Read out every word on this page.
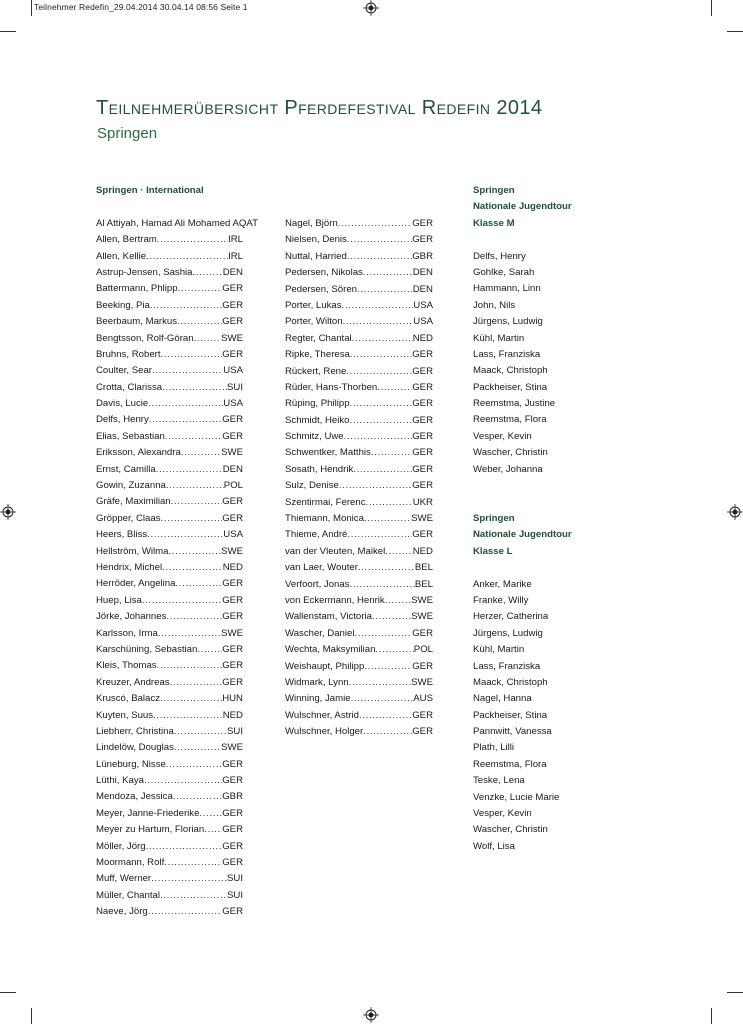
Teilnehmer Redefin_29.04.2014 30.04.14 08:56 Seite 1
Teilnehmerübersicht Pferdefestival Redefin 2014
Springen
Springen · International
Al Attiyah, Hamad Ali Mohamed A QAT
Allen, Bertram . . .	IRL
Allen, Kellie . . .	IRL
Astrup-Jensen, Sashia . . .	DEN
Battermann, Phlipp . . .	GER
Beeking, Pia . . .	GER
Beerbaum, Markus . . .	GER
Bengtsson, Rolf-Göran . . .	SWE
Bruhns, Robert . . .	GER
Coulter, Sear . . .	USA
Crotta, Clarissa . . .	SUI
Davis, Lucie . . .	USA
Delfs, Henry . . .	GER
Elias, Sebastian . . .	GER
Eriksson, Alexandra . . .	SWE
Ernst, Camilla . . .	DEN
Gowin, Zuzanna . . .	POL
Gräfe, Maximilian . . .	GER
Gröpper, Claas . . .	GER
Heers, Bliss . . .	USA
Hellström, Wilma . . .	SWE
Hendrix, Michel . . .	NED
Herröder, Angelina . . .	GER
Huep, Lisa . . .	GER
Jörke, Johannes . . .	GER
Karlsson, Irma . . .	SWE
Karschüning, Sebastian . . .	GER
Kleis, Thomas . . .	GER
Kreuzer, Andreas . . .	GER
Kruscó, Balacz . . .	HUN
Kuyten, Suus . . .	NED
Liebherr, Christina . . .	SUI
Lindelöw, Douglas . . .	SWE
Lüneburg, Nisse . . .	GER
Lüthi, Kaya . . .	GER
Mendoza, Jessica . . .	GBR
Meyer, Janne-Friederike . . . GER
Meyer zu Hartum, Florian . . . GER
Möller, Jörg . . .	GER
Moormann, Rolf . . .	GER
Muff, Werner . . .	SUI
Müller, Chantal . . .	SUI
Naeve, Jörg . . .	GER
Nagel, Björn . . .	GER
Nielsen, Denis . . .	GER
Nuttal, Harried . . .	GBR
Pedersen, Nikolas . . .	DEN
Pedersen, Sören . . .	DEN
Porter, Lukas . . .	USA
Porter, Wilton . . .	USA
Regter, Chantal . . .	NED
Ripke, Theresa . . .	GER
Rückert, Rene . . .	GER
Rüder, Hans-Thorben . . .	GER
Rüping, Philipp . . .	GER
Schmidt, Heiko . . .	GER
Schmitz, Uwe . . .	GER
Schwentker, Matthis . . .	GER
Sosath, Hendrik . . .	GER
Sulz, Denise . . .	GER
Szentirmai, Ferenc . . .	UKR
Thiemann, Monica . . .	SWE
Thieme, André . . .	GER
van der Vleuten, Maikel . . .	NED
van Laer, Wouter . . .	BEL
Verfoort, Jonas . . .	BEL
von Eckermann, Henrik . . .	SWE
Wallenstam, Victoria . . .	SWE
Wascher, Daniel . . .	GER
Wechta, Maksymilian . . .	POL
Weishaupt, Philipp . . .	GER
Widmark, Lynn . . .	SWE
Winning, Jamie . . .	AUS
Wulschner, Astrid . . .	GER
Wulschner, Holger . . .	GER
Springen
Nationale Jugendtour
Klasse M
Delfs, Henry
Gohlke, Sarah
Hammann, Linn
John, Nils
Jürgens, Ludwig
Kühl, Martin
Lass, Franziska
Maack, Christoph
Packheiser, Stina
Reemstma, Justine
Reemstma, Flora
Vesper, Kevin
Wascher, Christin
Weber, Johanna
Springen
Nationale Jugendtour
Klasse L
Anker, Marike
Franke, Willy
Herzer, Catherina
Jürgens, Ludwig
Kühl, Martin
Lass, Franziska
Maack, Christoph
Nagel, Hanna
Packheiser, Stina
Pannwitt, Vanessa
Plath, Lilli
Reemstma, Flora
Teske, Lena
Venzke, Lucie Marie
Vesper, Kevin
Wascher, Christin
Wolf, Lisa
